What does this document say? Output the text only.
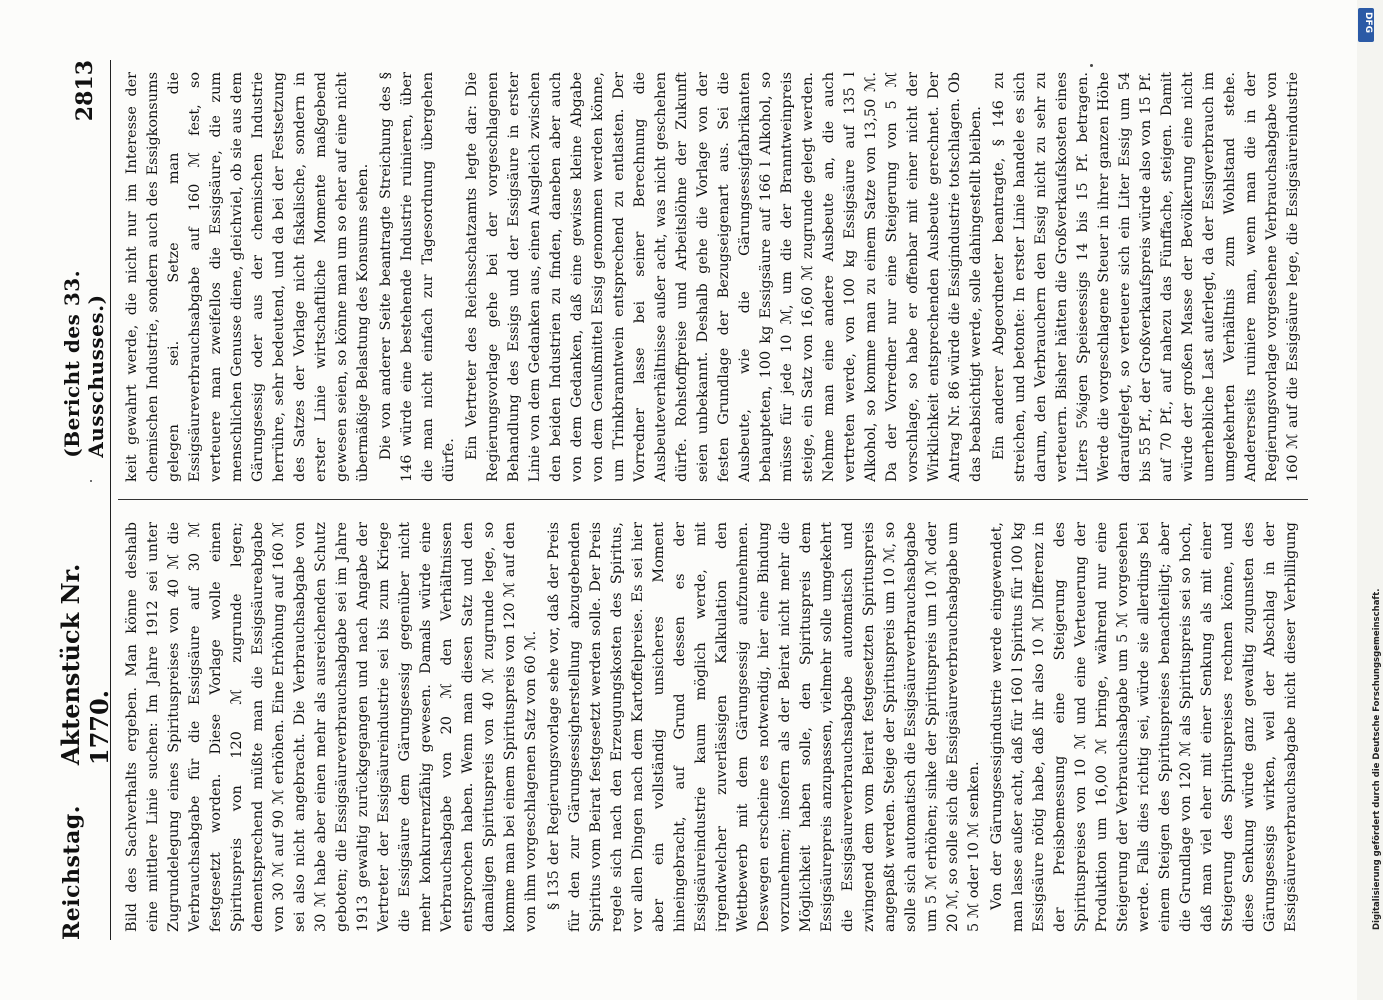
Reichstag.
Aktenstück Nr. 1770.
(Bericht des 33. Ausschusses.)
2813

Bild des Sachverhalts ergeben. Man könne deshalb eine mittlere Linie suchen: Im Jahre 1912 sei unter Zugrundelegung eines Spirituspreises von 40 ℳ die Verbrauchsabgabe für die Essigsäure auf 30 ℳ festgesetzt worden. Diese Vorlage wolle einen Spirituspreis von 120 ℳ zugrunde legen; dementsprechend müßte man die Essigsäureabgabe von 30 ℳ auf 90 ℳ erhöhen. Eine Erhöhung auf 160 ℳ sei also nicht angebracht. Die Verbrauchsabgabe von 30 ℳ habe aber einen mehr als ausreichenden Schutz geboten; die Essigsäureverbrauchsabgabe sei im Jahre 1913 gewaltig zurückgegangen und nach Angabe der Vertreter der Essigsäureindustrie sei bis zum Kriege die Essigsäure dem Gärungsessig gegenüber nicht mehr konkurrenzfähig gewesen. Damals würde eine Verbrauchsabgabe von 20 ℳ den Verhältnissen entsprochen haben. Wenn man diesen Satz und den damaligen Spirituspreis von 40 ℳ zugrunde lege, so komme man bei einem Spirituspreis von 120 ℳ auf den von ihm vorgeschlagenen Satz von 60 ℳ. § 135 der Regierungsvorlage sehe vor, daß der Preis für den zur Gärungsessigherstellung abzugebenden Spiritus vom Beirat festgesetzt werden solle. Der Preis regele sich nach den Erzeugungskosten des Spiritus, vor allen Dingen nach dem Kartoffelpreise. Es sei hier aber ein vollständig unsicheres Moment hineingebracht, auf Grund dessen es der Essigsäureindustrie kaum möglich werde, mit irgendwelcher zuverlässigen Kalkulation den Wettbewerb mit dem Gärungsessig aufzunehmen. Deswegen erscheine es notwendig, hier eine Bindung vorzunehmen; insofern als der Beirat nicht mehr die Möglichkeit haben solle, den Spirituspreis dem Essigsäurepreis anzupassen, vielmehr solle umgekehrt die Essigsäureverbrauchsabgabe automatisch und zwingend dem vom Beirat festgesetzten Spirituspreis angepaßt werden. Steige der Spirituspreis um 10 ℳ, so solle sich automatisch die Essigsäureverbrauchsabgabe um 5 ℳ erhöhen; sinke der Spirituspreis um 10 ℳ oder 20 ℳ, so solle sich die Essigsäureverbrauchsabgabe um 5 ℳ oder 10 ℳ senken. Von der Gärungsessigindustrie werde eingewendet, man lasse außer acht, daß für 160 l Spiritus für 100 kg Essigsäure nötig habe, daß ihr also 10 ℳ Differenz in der Preisbemessung eine Steigerung des Spirituspreises von 10 ℳ und eine Verteuerung der Produktion um 16,00 ℳ bringe, während nur eine Steigerung der Verbrauchsabgabe um 5 ℳ vorgesehen werde. Falls dies richtig sei, würde sie allerdings bei einem Steigen des Spirituspreises benachteiligt; aber die Grundlage von 120 ℳ als Spirituspreis sei so hoch, daß man viel eher mit einer Senkung als mit einer Steigerung des Spirituspreises rechnen könne, und diese Senkung würde ganz gewaltig zugunsten des Gärungsessigs wirken, weil der Abschlag in der Essigsäureverbrauchsabgabe nicht dieser Verbilligung

keit gewahrt werde, die nicht nur im Interesse der chemischen Industrie, sondern auch des Essigkonsums gelegen sei. Setze man die Essigsäureverbrauchsabgabe auf 160 ℳ fest, so verteuere man zweifellos die Essigsäure, die zum menschlichen Genusse diene, gleichviel, ob sie aus dem Gärungsessig oder aus der chemischen Industrie herrühre, sehr bedeutend, und da bei der Festsetzung des Satzes der Vorlage nicht fiskalische, sondern in erster Linie wirtschaftliche Momente maßgebend gewesen seien, so könne man um so eher auf eine nicht übermäßige Belastung des Konsums sehen. Die von anderer Seite beantragte Streichung des § 146 würde eine bestehende Industrie ruinieren, über die man nicht einfach zur Tagesordnung übergehen dürfe.

Ein Vertreter des Reichsschatzamts legte dar: Die Regierungsvorlage gehe bei der vorgeschlagenen Behandlung des Essigs und der Essigsäure in erster Linie von dem Gedanken aus, einen Ausgleich zwischen den beiden Industrien zu finden, daneben aber auch von dem Gedanken, daß eine gewisse kleine Abgabe von dem Genußmittel Essig genommen werden könne, um Trinkbranntwein entsprechend zu entlasten. Der Vorredner lasse bei seiner Berechnung die Ausbeuteverhältnisse außer acht, was nicht geschehen dürfe. Rohstoffpreise und Arbeitslöhne der Zukunft seien unbekannt. Deshalb gehe die Vorlage von der festen Grundlage der Bezugseigenart aus. Sei die Ausbeute, wie die Gärungsessigfabrikanten behaupteten, 100 kg Essigsäure auf 166 l Alkohol, so müsse für jede 10 ℳ, um die der Branntweinpreis steige, ein Satz von 16,60 ℳ zugrunde gelegt werden. Nehme man eine andere Ausbeute an, die auch vertreten werde, von 100 kg Essigsäure auf 135 l Alkohol, so komme man zu einem Satze von 13,50 ℳ. Da der Vorredner nur eine Steigerung von 5 ℳ vorschlage, so habe er offenbar mit einer nicht der Wirklichkeit entsprechenden Ausbeute gerechnet. Der Antrag Nr. 86 würde die Essigindustrie totschlagen. Ob das beabsichtigt werde, solle dahingestellt bleiben. Ein anderer Abgeordneter beantragte, § 146 zu streichen, und betonte: In erster Linie handele es sich darum, den Verbrauchern den Essig nicht zu sehr zu verteuern. Bisher hätten die Großverkaufskosten eines Liters 5%igen Speiseessigs 14 bis 15 Pf. betragen. Werde die vorgeschlagene Steuer in ihrer ganzen Höhe daraufgelegt, so verteuere sich ein Liter Essig um 54 bis 55 Pf., der Großverkaufspreis würde also von 15 Pf. auf 70 Pf., auf nahezu das Fünffache, steigen. Damit würde der großen Masse der Bevölkerung eine nicht unerhebliche Last auferlegt, da der Essigverbrauch im umgekehrten Verhältnis zum Wohlstand stehe. Andererseits ruiniere man, wenn man die in der Regierungsvorlage vorgesehene Verbrauchsabgabe von 160 ℳ auf die Essigsäure lege, die Essigsäureindustrie

Digitalisierung gefördert durch die Deutsche Forschungsgemeinschaft.
DFG
